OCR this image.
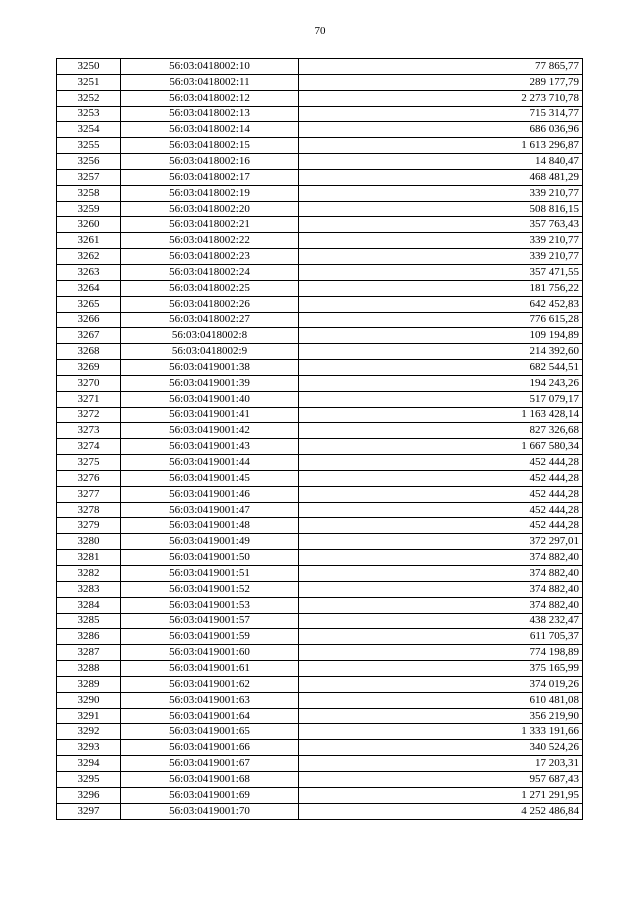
70
3250	56:03:0418002:10	77 865,77
3251	56:03:0418002:11	289 177,79
3252	56:03:0418002:12	2 273 710,78
3253	56:03:0418002:13	715 314,77
3254	56:03:0418002:14	686 036,96
3255	56:03:0418002:15	1 613 296,87
3256	56:03:0418002:16	14 840,47
3257	56:03:0418002:17	468 481,29
3258	56:03:0418002:19	339 210,77
3259	56:03:0418002:20	508 816,15
3260	56:03:0418002:21	357 763,43
3261	56:03:0418002:22	339 210,77
3262	56:03:0418002:23	339 210,77
3263	56:03:0418002:24	357 471,55
3264	56:03:0418002:25	181 756,22
3265	56:03:0418002:26	642 452,83
3266	56:03:0418002:27	776 615,28
3267	56:03:0418002:8	109 194,89
3268	56:03:0418002:9	214 392,60
3269	56:03:0419001:38	682 544,51
3270	56:03:0419001:39	194 243,26
3271	56:03:0419001:40	517 079,17
3272	56:03:0419001:41	1 163 428,14
3273	56:03:0419001:42	827 326,68
3274	56:03:0419001:43	1 667 580,34
3275	56:03:0419001:44	452 444,28
3276	56:03:0419001:45	452 444,28
3277	56:03:0419001:46	452 444,28
3278	56:03:0419001:47	452 444,28
3279	56:03:0419001:48	452 444,28
3280	56:03:0419001:49	372 297,01
3281	56:03:0419001:50	374 882,40
3282	56:03:0419001:51	374 882,40
3283	56:03:0419001:52	374 882,40
3284	56:03:0419001:53	374 882,40
3285	56:03:0419001:57	438 232,47
3286	56:03:0419001:59	611 705,37
3287	56:03:0419001:60	774 198,89
3288	56:03:0419001:61	375 165,99
3289	56:03:0419001:62	374 019,26
3290	56:03:0419001:63	610 481,08
3291	56:03:0419001:64	356 219,90
3292	56:03:0419001:65	1 333 191,66
3293	56:03:0419001:66	340 524,26
3294	56:03:0419001:67	17 203,31
3295	56:03:0419001:68	957 687,43
3296	56:03:0419001:69	1 271 291,95
3297	56:03:0419001:70	4 252 486,84
